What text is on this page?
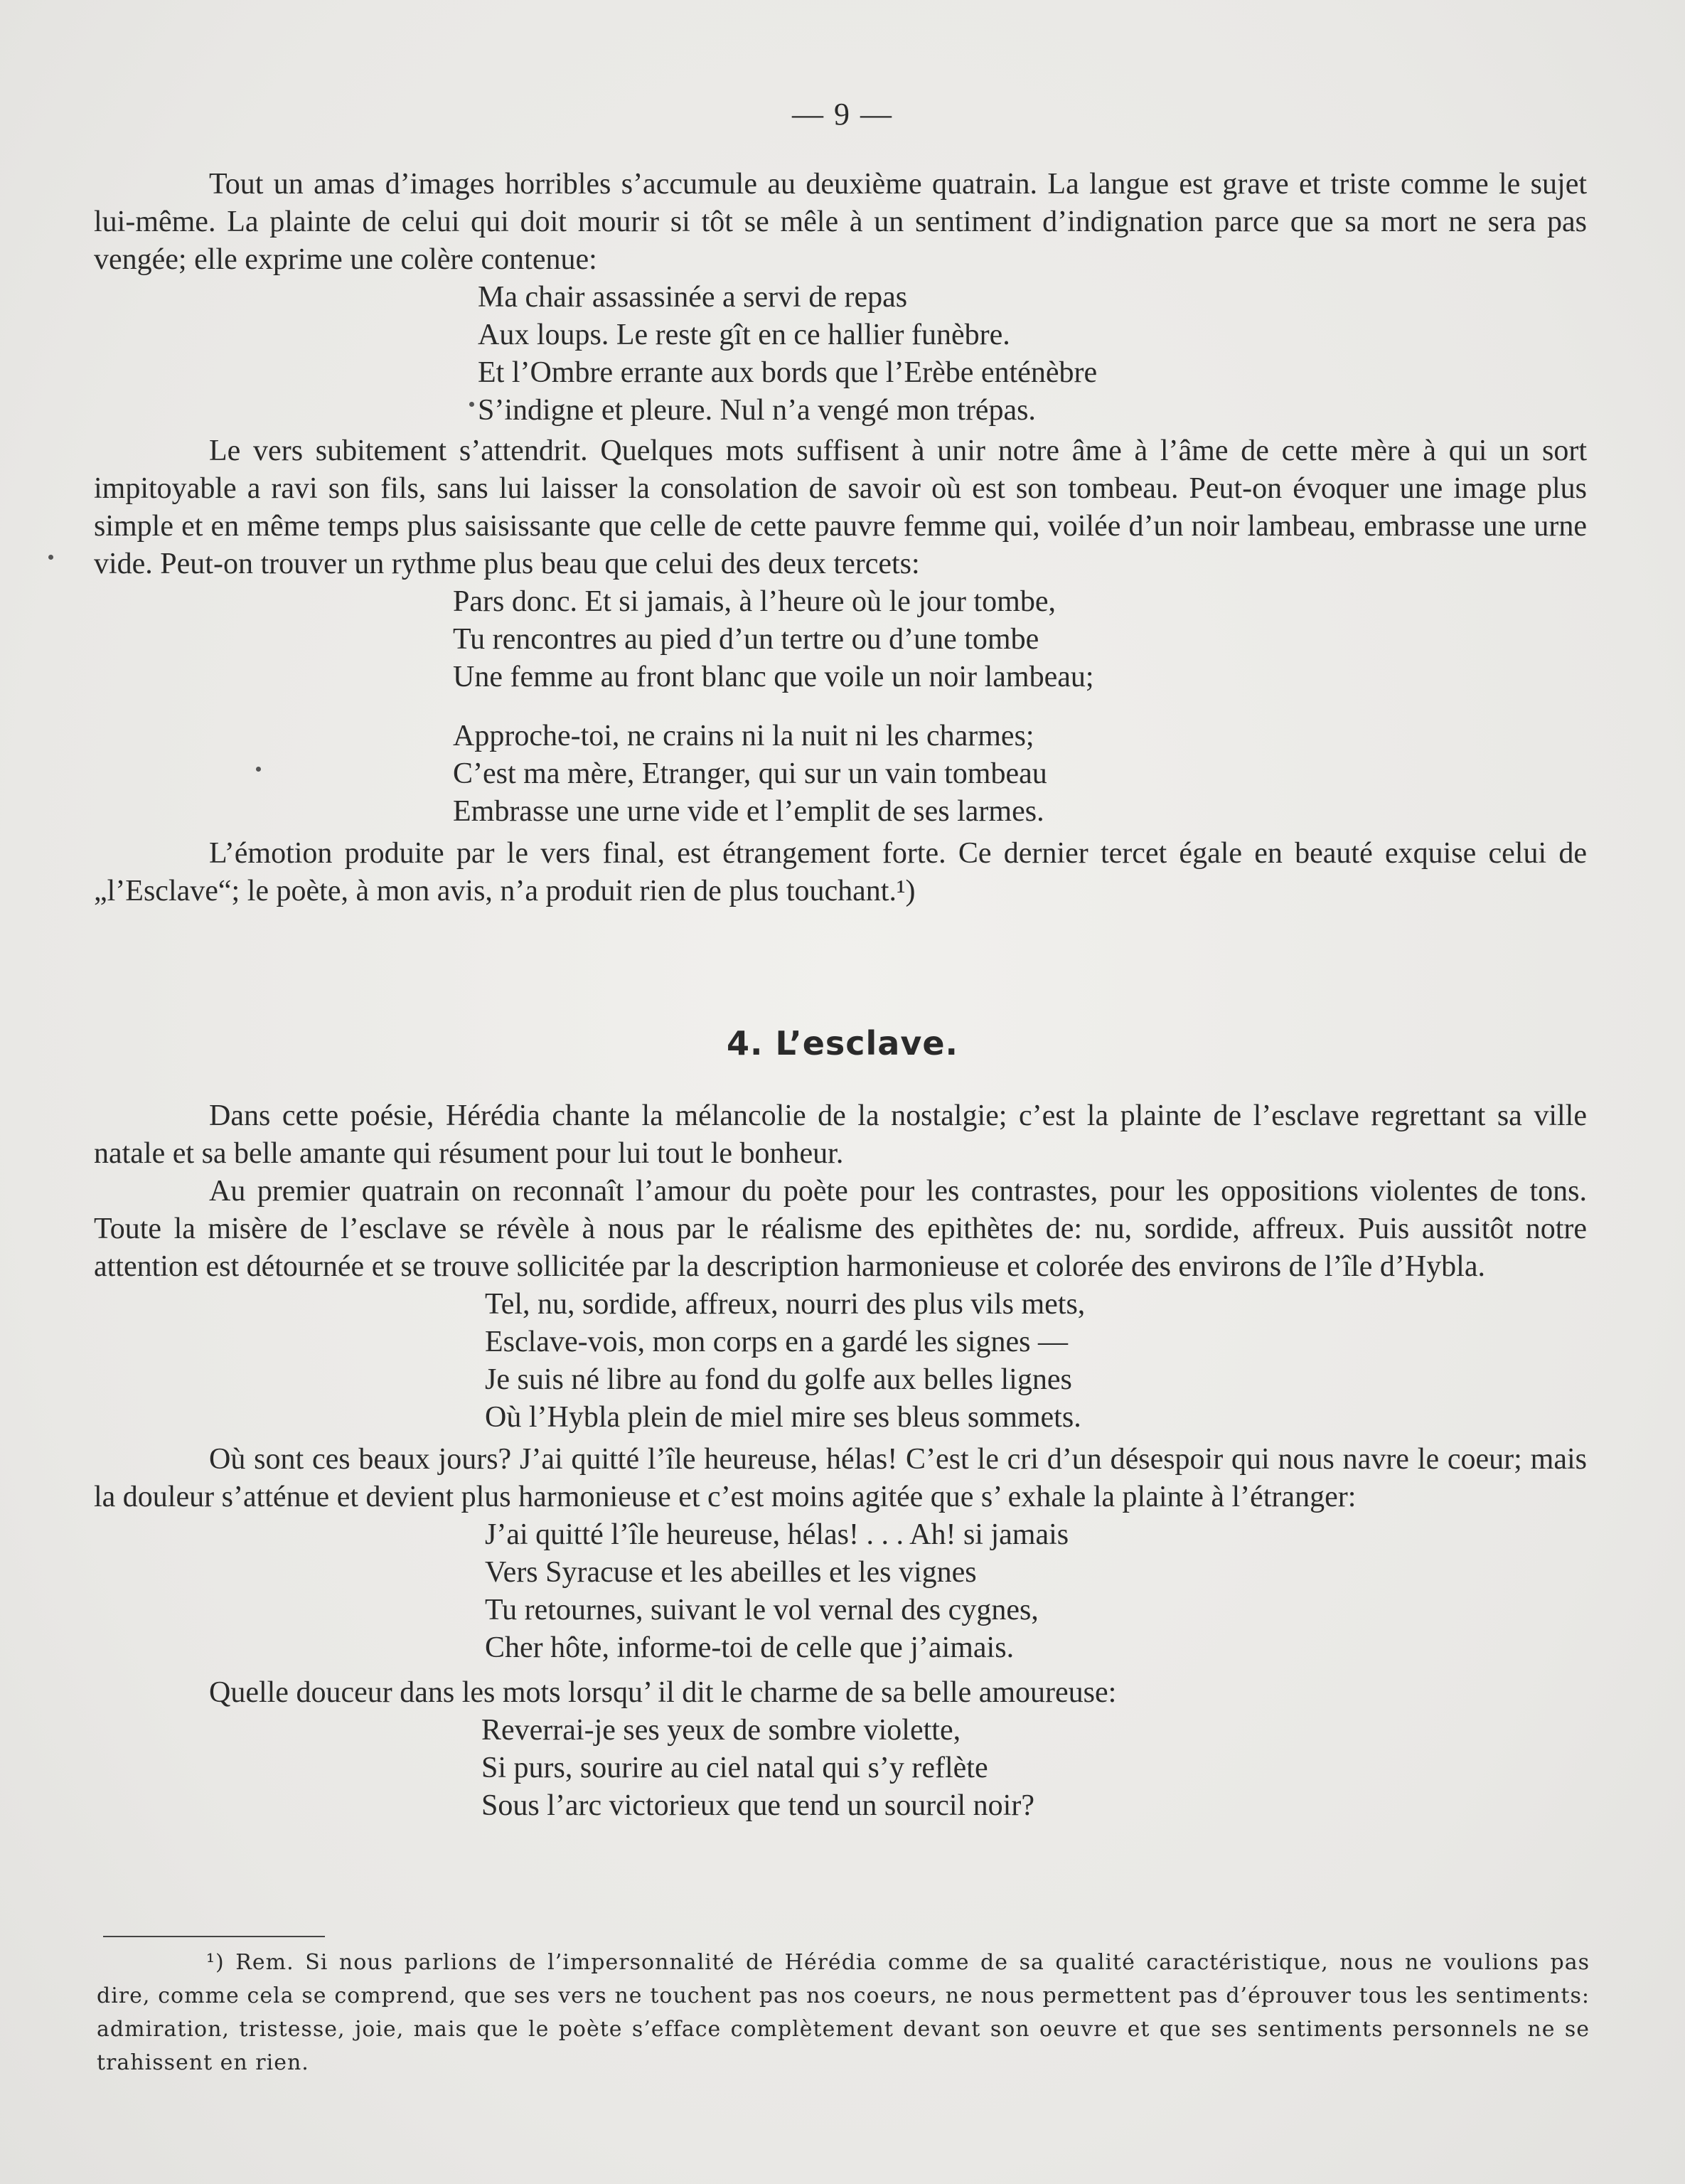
— 9 —

Tout un amas d’images horribles s’accumule au deuxième quatrain. La langue est grave et triste comme le sujet lui-même. La plainte de celui qui doit mourir si tôt se mêle à un sentiment d’indignation parce que sa mort ne sera pas vengée; elle exprime une colère contenue:

Ma chair assassinée a servi de repas
Aux loups. Le reste gît en ce hallier funèbre.
Et l’Ombre errante aux bords que l’Erèbe enténèbre
S’indigne et pleure. Nul n’a vengé mon trépas.

Le vers subitement s’attendrit. Quelques mots suffisent à unir notre âme à l’âme de cette mère à qui un sort impitoyable a ravi son fils, sans lui laisser la consolation de savoir où est son tombeau. Peut-on évoquer une image plus simple et en même temps plus saisissante que celle de cette pauvre femme qui, voilée d’un noir lambeau, embrasse une urne vide. Peut-on trouver un rythme plus beau que celui des deux tercets:

Pars donc. Et si jamais, à l’heure où le jour tombe,
Tu rencontres au pied d’un tertre ou d’une tombe
Une femme au front blanc que voile un noir lambeau;
Approche-toi, ne crains ni la nuit ni les charmes;
C’est ma mère, Etranger, qui sur un vain tombeau
Embrasse une urne vide et l’emplit de ses larmes.

L’émotion produite par le vers final, est étrangement forte. Ce dernier tercet égale en beauté exquise celui de „l’Esclave“; le poète, à mon avis, n’a produit rien de plus touchant.¹)

4. L’esclave.

Dans cette poésie, Hérédia chante la mélancolie de la nostalgie; c’est la plainte de l’esclave regrettant sa ville natale et sa belle amante qui résument pour lui tout le bonheur.

Au premier quatrain on reconnaît l’amour du poète pour les contrastes, pour les oppositions violentes de tons. Toute la misère de l’esclave se révèle à nous par le réalisme des epithètes de: nu, sordide, affreux. Puis aussitôt notre attention est détournée et se trouve sollicitée par la description harmonieuse et colorée des environs de l’île d’Hybla.

Tel, nu, sordide, affreux, nourri des plus vils mets,
Esclave-vois, mon corps en a gardé les signes —
Je suis né libre au fond du golfe aux belles lignes
Où l’Hybla plein de miel mire ses bleus sommets.

Où sont ces beaux jours? J’ai quitté l’île heureuse, hélas! C’est le cri d’un désespoir qui nous navre le coeur; mais la douleur s’atténue et devient plus harmonieuse et c’est moins agitée que s’ exhale la plainte à l’étranger:

J’ai quitté l’île heureuse, hélas! . . . Ah! si jamais
Vers Syracuse et les abeilles et les vignes
Tu retournes, suivant le vol vernal des cygnes,
Cher hôte, informe-toi de celle que j’aimais.

Quelle douceur dans les mots lorsqu’ il dit le charme de sa belle amoureuse:

Reverrai-je ses yeux de sombre violette,
Si purs, sourire au ciel natal qui s’y reflète
Sous l’arc victorieux que tend un sourcil noir?
¹) Rem. Si nous parlions de l’impersonnalité de Hérédia comme de sa qualité caractéristique, nous ne voulions pas dire, comme cela se comprend, que ses vers ne touchent pas nos coeurs, ne nous permettent pas d’éprouver tous les sentiments: admiration, tristesse, joie, mais que le poète s’efface complètement devant son oeuvre et que ses sentiments personnels ne se trahissent en rien.
